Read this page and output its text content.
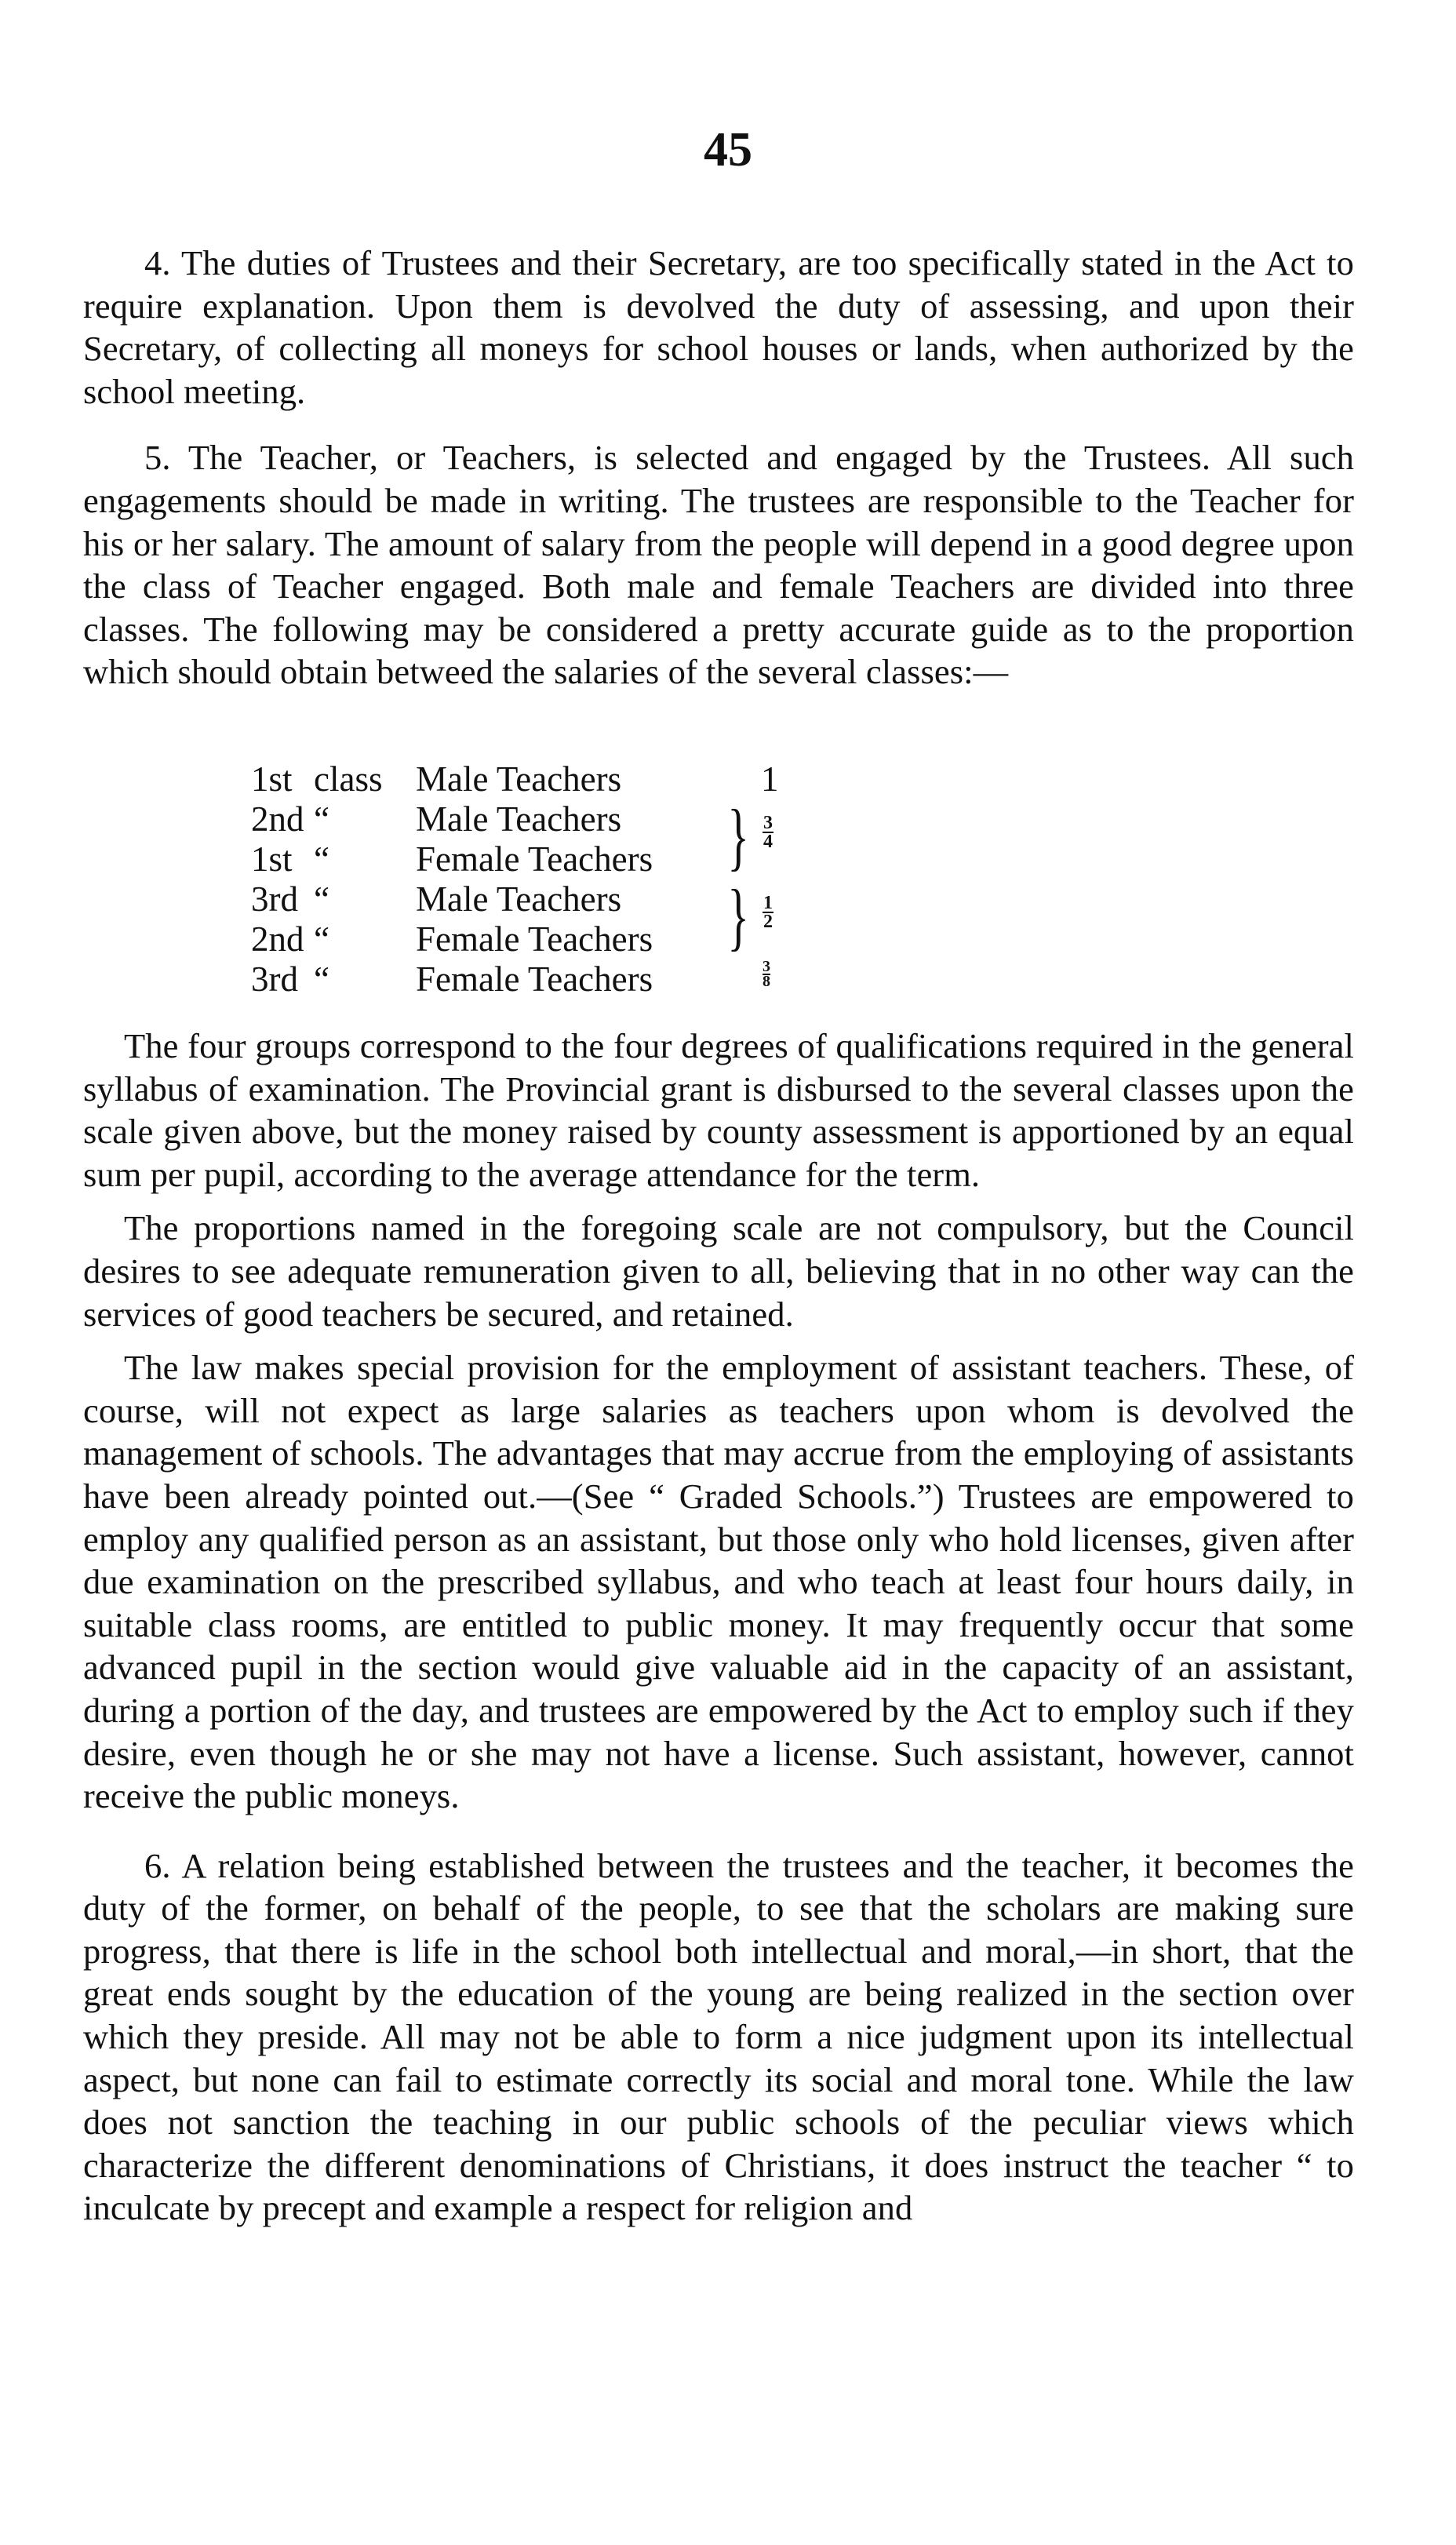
45

4. The duties of Trustees and their Secretary, are too specifically stated in the Act to require explanation. Upon them is devolved the duty of assessing, and upon their Secretary, of collecting all moneys for school houses or lands, when authorized by the school meeting.

5. The Teacher, or Teachers, is selected and engaged by the Trustees. All such engagements should be made in writing. The trustees are responsible to the Teacher for his or her salary. The amount of salary from the people will depend in a good degree upon the class of Teacher engaged. Both male and female Teachers are divided into three classes. The following may be considered a pretty accurate guide as to the proportion which should obtain betweed the salaries of the several classes:—

1st class Male Teachers	1
2nd “ Male Teachers
1st “ Female Teachers
3rd “ Male Teachers
2nd “ Female Teachers
3rd “ Female Teachers
} 3
4
} 1
2
3
8

The four groups correspond to the four degrees of qualifications required in the general syllabus of examination. The Provincial grant is disbursed to the several classes upon the scale given above, but the money raised by county assessment is apportioned by an equal sum per pupil, according to the average attendance for the term.

The proportions named in the foregoing scale are not compulsory, but the Council desires to see adequate remuneration given to all, believing that in no other way can the services of good teachers be secured, and retained.

The law makes special provision for the employment of assistant teachers. These, of course, will not expect as large salaries as teachers upon whom is devolved the management of schools. The advantages that may accrue from the employing of assistants have been already pointed out.—(See “ Graded Schools.”) Trustees are empowered to employ any qualified person as an assistant, but those only who hold licenses, given after due examination on the prescribed syllabus, and who teach at least four hours daily, in suitable class rooms, are entitled to public money. It may frequently occur that some advanced pupil in the section would give valuable aid in the capacity of an assistant, during a portion of the day, and trustees are empowered by the Act to employ such if they desire, even though he or she may not have a license. Such assistant, however, cannot receive the public moneys.

6. A relation being established between the trustees and the teacher, it becomes the duty of the former, on behalf of the people, to see that the scholars are making sure progress, that there is life in the school both intellectual and moral,—in short, that the great ends sought by the education of the young are being realized in the section over which they preside. All may not be able to form a nice judgment upon its intellectual aspect, but none can fail to estimate correctly its social and moral tone. While the law does not sanction the teaching in our public schools of the peculiar views which characterize the different denominations of Christians, it does instruct the teacher “ to inculcate by precept and example a respect for religion and
